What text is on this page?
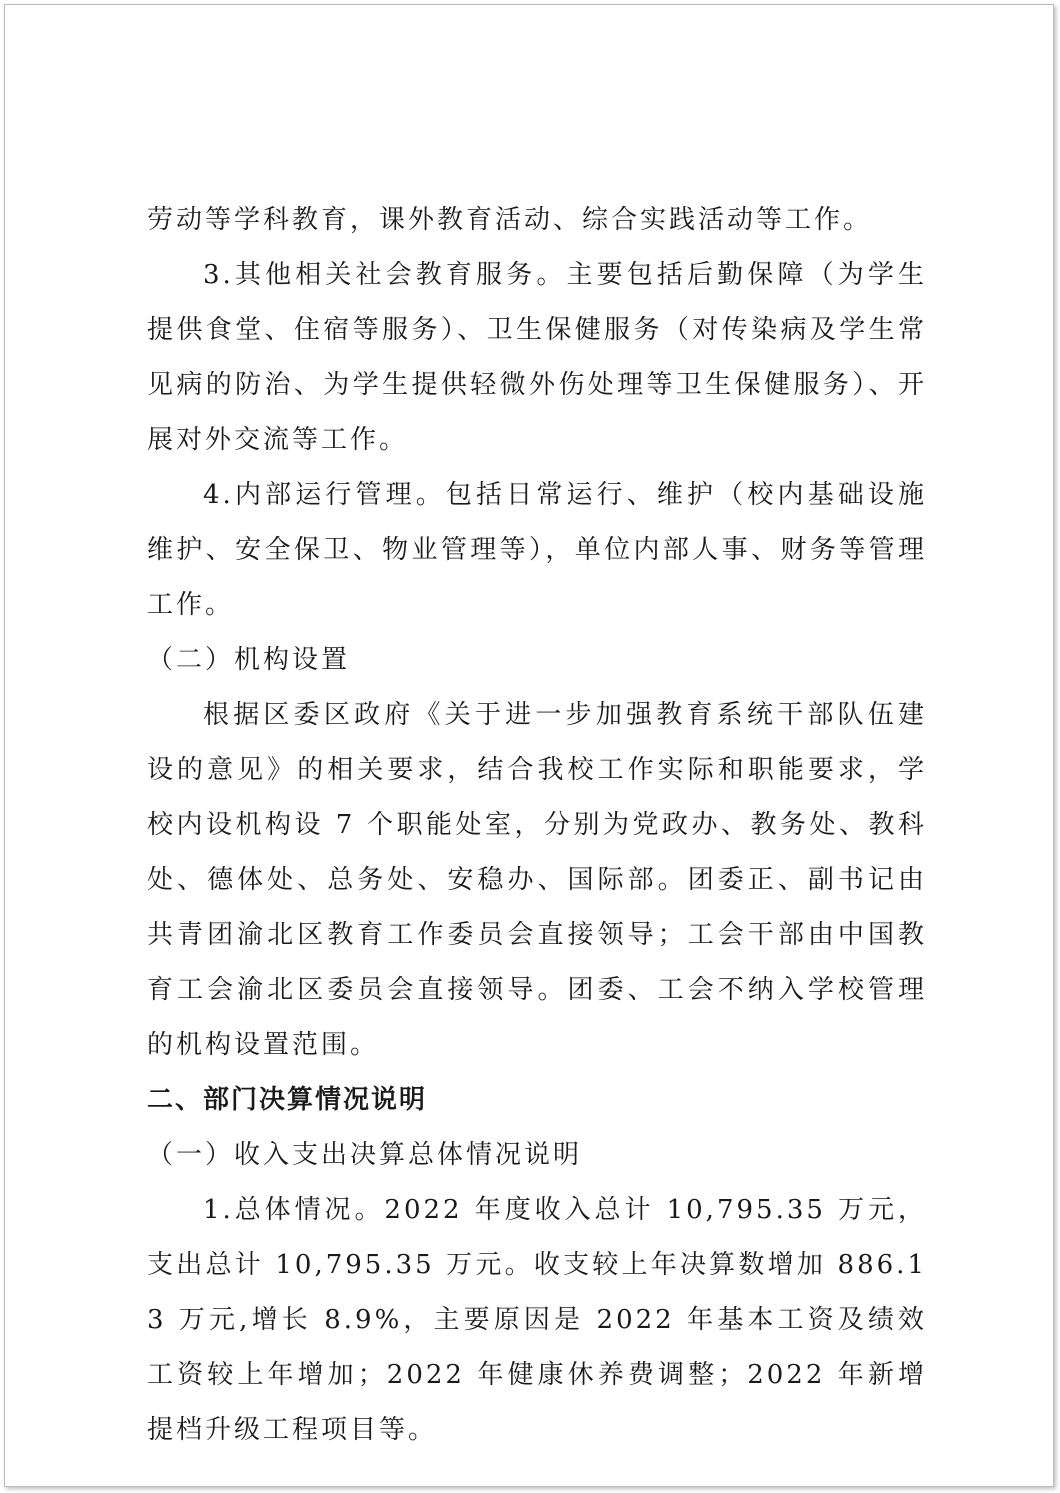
劳动等学科教育，课外教育活动、综合实践活动等工作。

3.其他相关社会教育服务。主要包括后勤保障（为学生提供食堂、住宿等服务）、卫生保健服务（对传染病及学生常见病的防治、为学生提供轻微外伤处理等卫生保健服务）、开展对外交流等工作。

4.内部运行管理。包括日常运行、维护（校内基础设施维护、安全保卫、物业管理等），单位内部人事、财务等管理工作。

（二）机构设置

根据区委区政府《关于进一步加强教育系统干部队伍建设的意见》的相关要求，结合我校工作实际和职能要求，学校内设机构设 7 个职能处室，分别为党政办、教务处、教科处、德体处、总务处、安稳办、国际部。团委正、副书记由共青团渝北区教育工作委员会直接领导；工会干部由中国教育工会渝北区委员会直接领导。团委、工会不纳入学校管理的机构设置范围。

二、部门决算情况说明

（一）收入支出决算总体情况说明

1.总体情况。2022 年度收入总计 10,795.35 万元，支出总计 10,795.35 万元。收支较上年决算数增加 886.13 万元,增长 8.9%，主要原因是 2022 年基本工资及绩效工资较上年增加；2022 年健康休养费调整；2022 年新增提档升级工程项目等。
